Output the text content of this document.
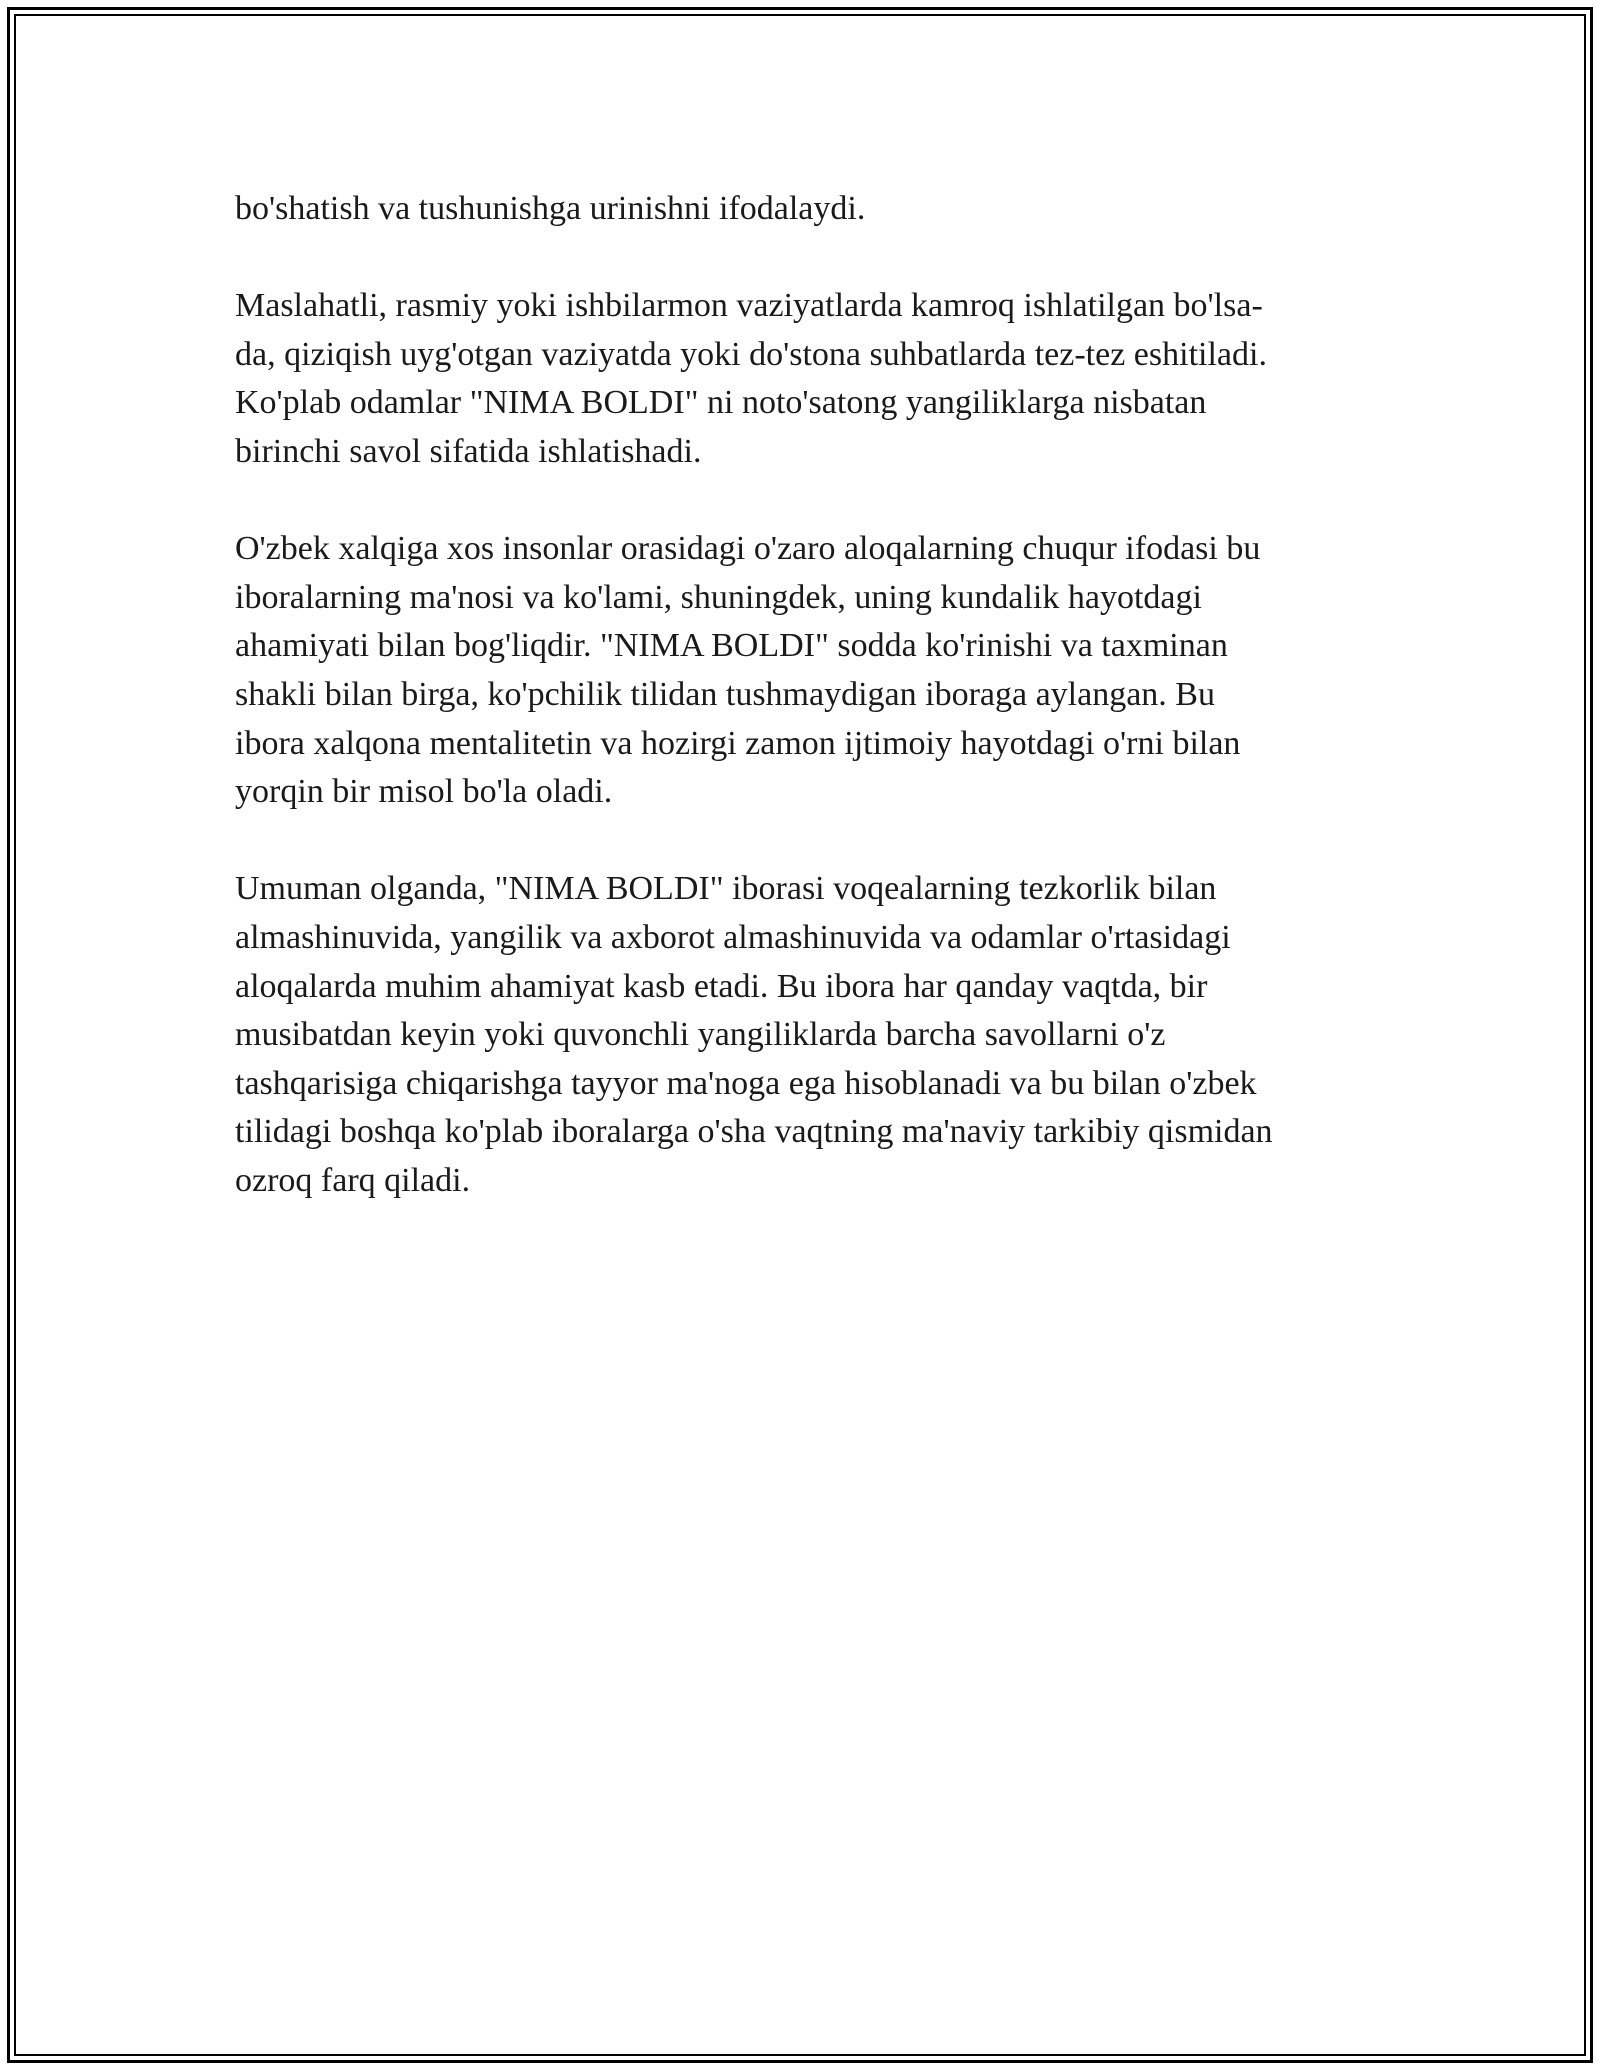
bo'shatish va tushunishga urinishni ifodalaydi.

Maslahatli, rasmiy yoki ishbilarmon vaziyatlarda kamroq ishlatilgan bo'lsa-
da, qiziqish uyg'otgan vaziyatda yoki do'stona suhbatlarda tez-tez eshitiladi.
Ko'plab odamlar "NIMA BOLDI" ni noto'satong yangiliklarga nisbatan
birinchi savol sifatida ishlatishadi.

O'zbek xalqiga xos insonlar orasidagi o'zaro aloqalarning chuqur ifodasi bu
iboralarning ma'nosi va ko'lami, shuningdek, uning kundalik hayotdagi
ahamiyati bilan bog'liqdir. "NIMA BOLDI" sodda ko'rinishi va taxminan
shakli bilan birga, ko'pchilik tilidan tushmaydigan iboraga aylangan. Bu
ibora xalqona mentalitetin va hozirgi zamon ijtimoiy hayotdagi o'rni bilan
yorqin bir misol bo'la oladi.

Umuman olganda, "NIMA BOLDI" iborasi voqealarning tezkorlik bilan
almashinuvida, yangilik va axborot almashinuvida va odamlar o'rtasidagi
aloqalarda muhim ahamiyat kasb etadi. Bu ibora har qanday vaqtda, bir
musibatdan keyin yoki quvonchli yangiliklarda barcha savollarni o'z
tashqarisiga chiqarishga tayyor ma'noga ega hisoblanadi va bu bilan o'zbek
tilidagi boshqa ko'plab iboralarga o'sha vaqtning ma'naviy tarkibiy qismidan
ozroq farq qiladi.
